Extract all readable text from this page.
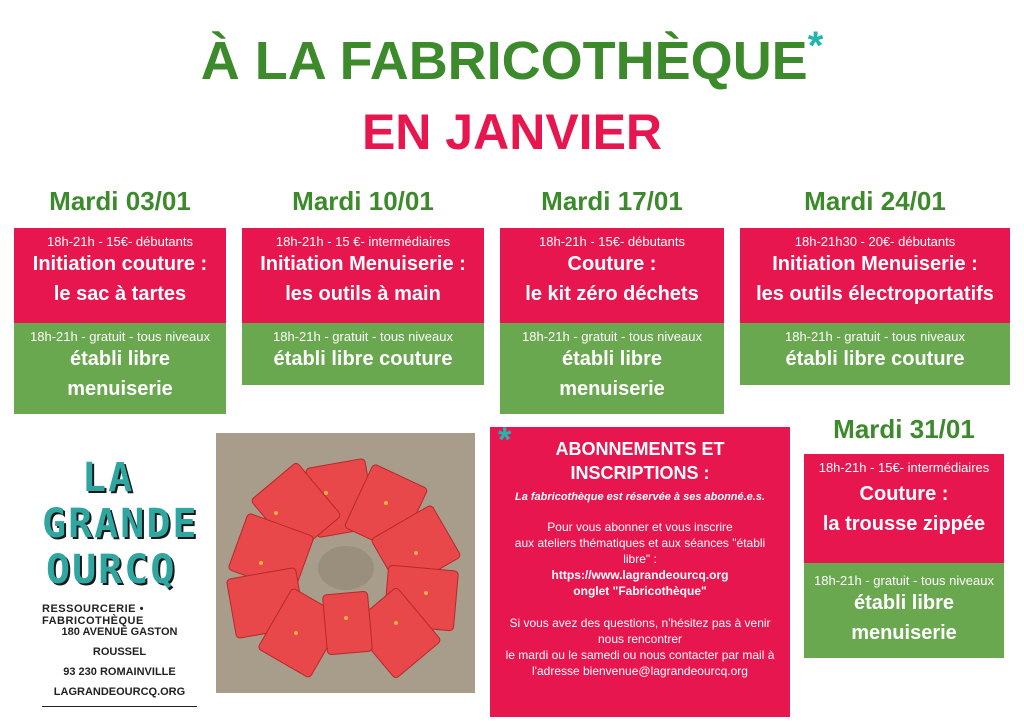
À LA FABRICOTHÈQUE*
EN JANVIER
Mardi 03/01
18h-21h - 15€- débutants
Initiation couture :
le sac à tartes
18h-21h - gratuit - tous niveaux
établi libre
menuiserie
Mardi 10/01
18h-21h - 15 €- intermédiaires
Initiation Menuiserie :
les outils à main
18h-21h - gratuit - tous niveaux
établi libre couture
Mardi 17/01
18h-21h - 15€- débutants
Couture :
le kit zéro déchets
18h-21h - gratuit - tous niveaux
établi libre
menuiserie
Mardi 24/01
18h-21h30 - 20€- débutants
Initiation Menuiserie :
les outils électroportatifs
18h-21h - gratuit - tous niveaux
établi libre couture
Mardi 31/01
18h-21h - 15€- intermédiaires
Couture :
la trousse zippée
18h-21h - gratuit - tous niveaux
établi libre
menuiserie
LA
GRANDE
OURCQ
RESSOURCERIE • FABRICOTHÈQUE
180 AVENUE GASTON ROUSSEL
93 230 ROMAINVILLE
LAGRANDEOURCQ.ORG
*	ABONNEMENTS ET
INSCRIPTIONS :
La fabricothèque est réservée à ses abonné.e.s.
Pour vous abonner et vous inscrire
aux ateliers thématiques et aux séances "établi
libre" :
https://www.lagrandeourcq.org
onglet "Fabricothèque"
Si vous avez des questions, n'hésitez pas à venir
nous rencontrer
le mardi ou le samedi ou nous contacter par mail à
l'adresse bienvenue@lagrandeourcq.org
